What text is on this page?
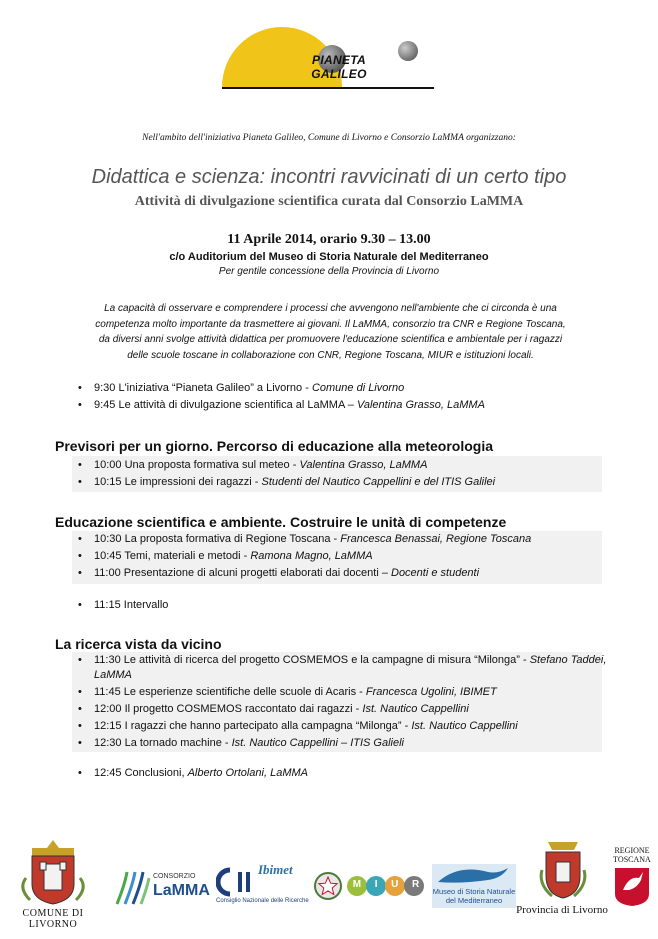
PIANETA GALILEO
Nell'ambito dell'iniziativa Pianeta Galileo, Comune di Livorno e Consorzio LaMMA organizzano:
Didattica e scienza: incontri ravvicinati di un certo tipo
Attività di divulgazione scientifica curata dal Consorzio LaMMA
11 Aprile 2014, orario 9.30 – 13.00
c/o Auditorium del Museo di Storia Naturale del Mediterraneo
Per gentile concessione della Provincia di Livorno
La capacità di osservare e comprendere i processi che avvengono nell'ambiente che ci circonda è una
competenza molto importante da trasmettere ai giovani. Il LaMMA, consorzio tra CNR e Regione Toscana,
da diversi anni svolge attività didattica per promuovere l'educazione scientifica e ambientale per i ragazzi
delle scuole toscane in collaborazione con CNR, Regione Toscana, MIUR e istituzioni locali.
• 9:30 L'iniziativa “Pianeta Galileo” a Livorno - Comune di Livorno
• 9:45 Le attività di divulgazione scientifica al LaMMA – Valentina Grasso, LaMMA
Previsori per un giorno. Percorso di educazione alla meteorologia
• 10:00 Una proposta formativa sul meteo - Valentina Grasso, LaMMA
• 10:15 Le impressioni dei ragazzi - Studenti del Nautico Cappellini e del ITIS Galilei
Educazione scientifica e ambiente. Costruire le unità di competenze
• 10:30 La proposta formativa di Regione Toscana - Francesca Benassai, Regione Toscana
• 10:45 Temi, materiali e metodi - Ramona Magno, LaMMA
• 11:00 Presentazione di alcuni progetti elaborati dai docenti – Docenti e studenti
• 11:15 Intervallo
La ricerca vista da vicino
• 11:30 Le attività di ricerca del progetto COSMEMOS e la campagne di misura “Milonga” - Stefano Taddei, LaMMA
• 11:45 Le esperienze scientifiche delle scuole di Acaris - Francesca Ugolini, IBIMET
• 12:00 Il progetto COSMEMOS raccontato dai ragazzi - Ist. Nautico Cappellini
• 12:15 I ragazzi che hanno partecipato alla campagna “Milonga” - Ist. Nautico Cappellini
• 12:30 La tornado machine - Ist. Nautico Cappellini – ITIS Galieli
• 12:45 Conclusioni, Alberto Ortolani, LaMMA
COMUNE DI LIVORNO
CONSORZIO
LaMMA
Consiglio Nazionale delle Ricerche
Ibimet
M I U R
Museo di Storia Naturale
del Mediterraneo
Provincia di Livorno
REGIONE
TOSCANA
